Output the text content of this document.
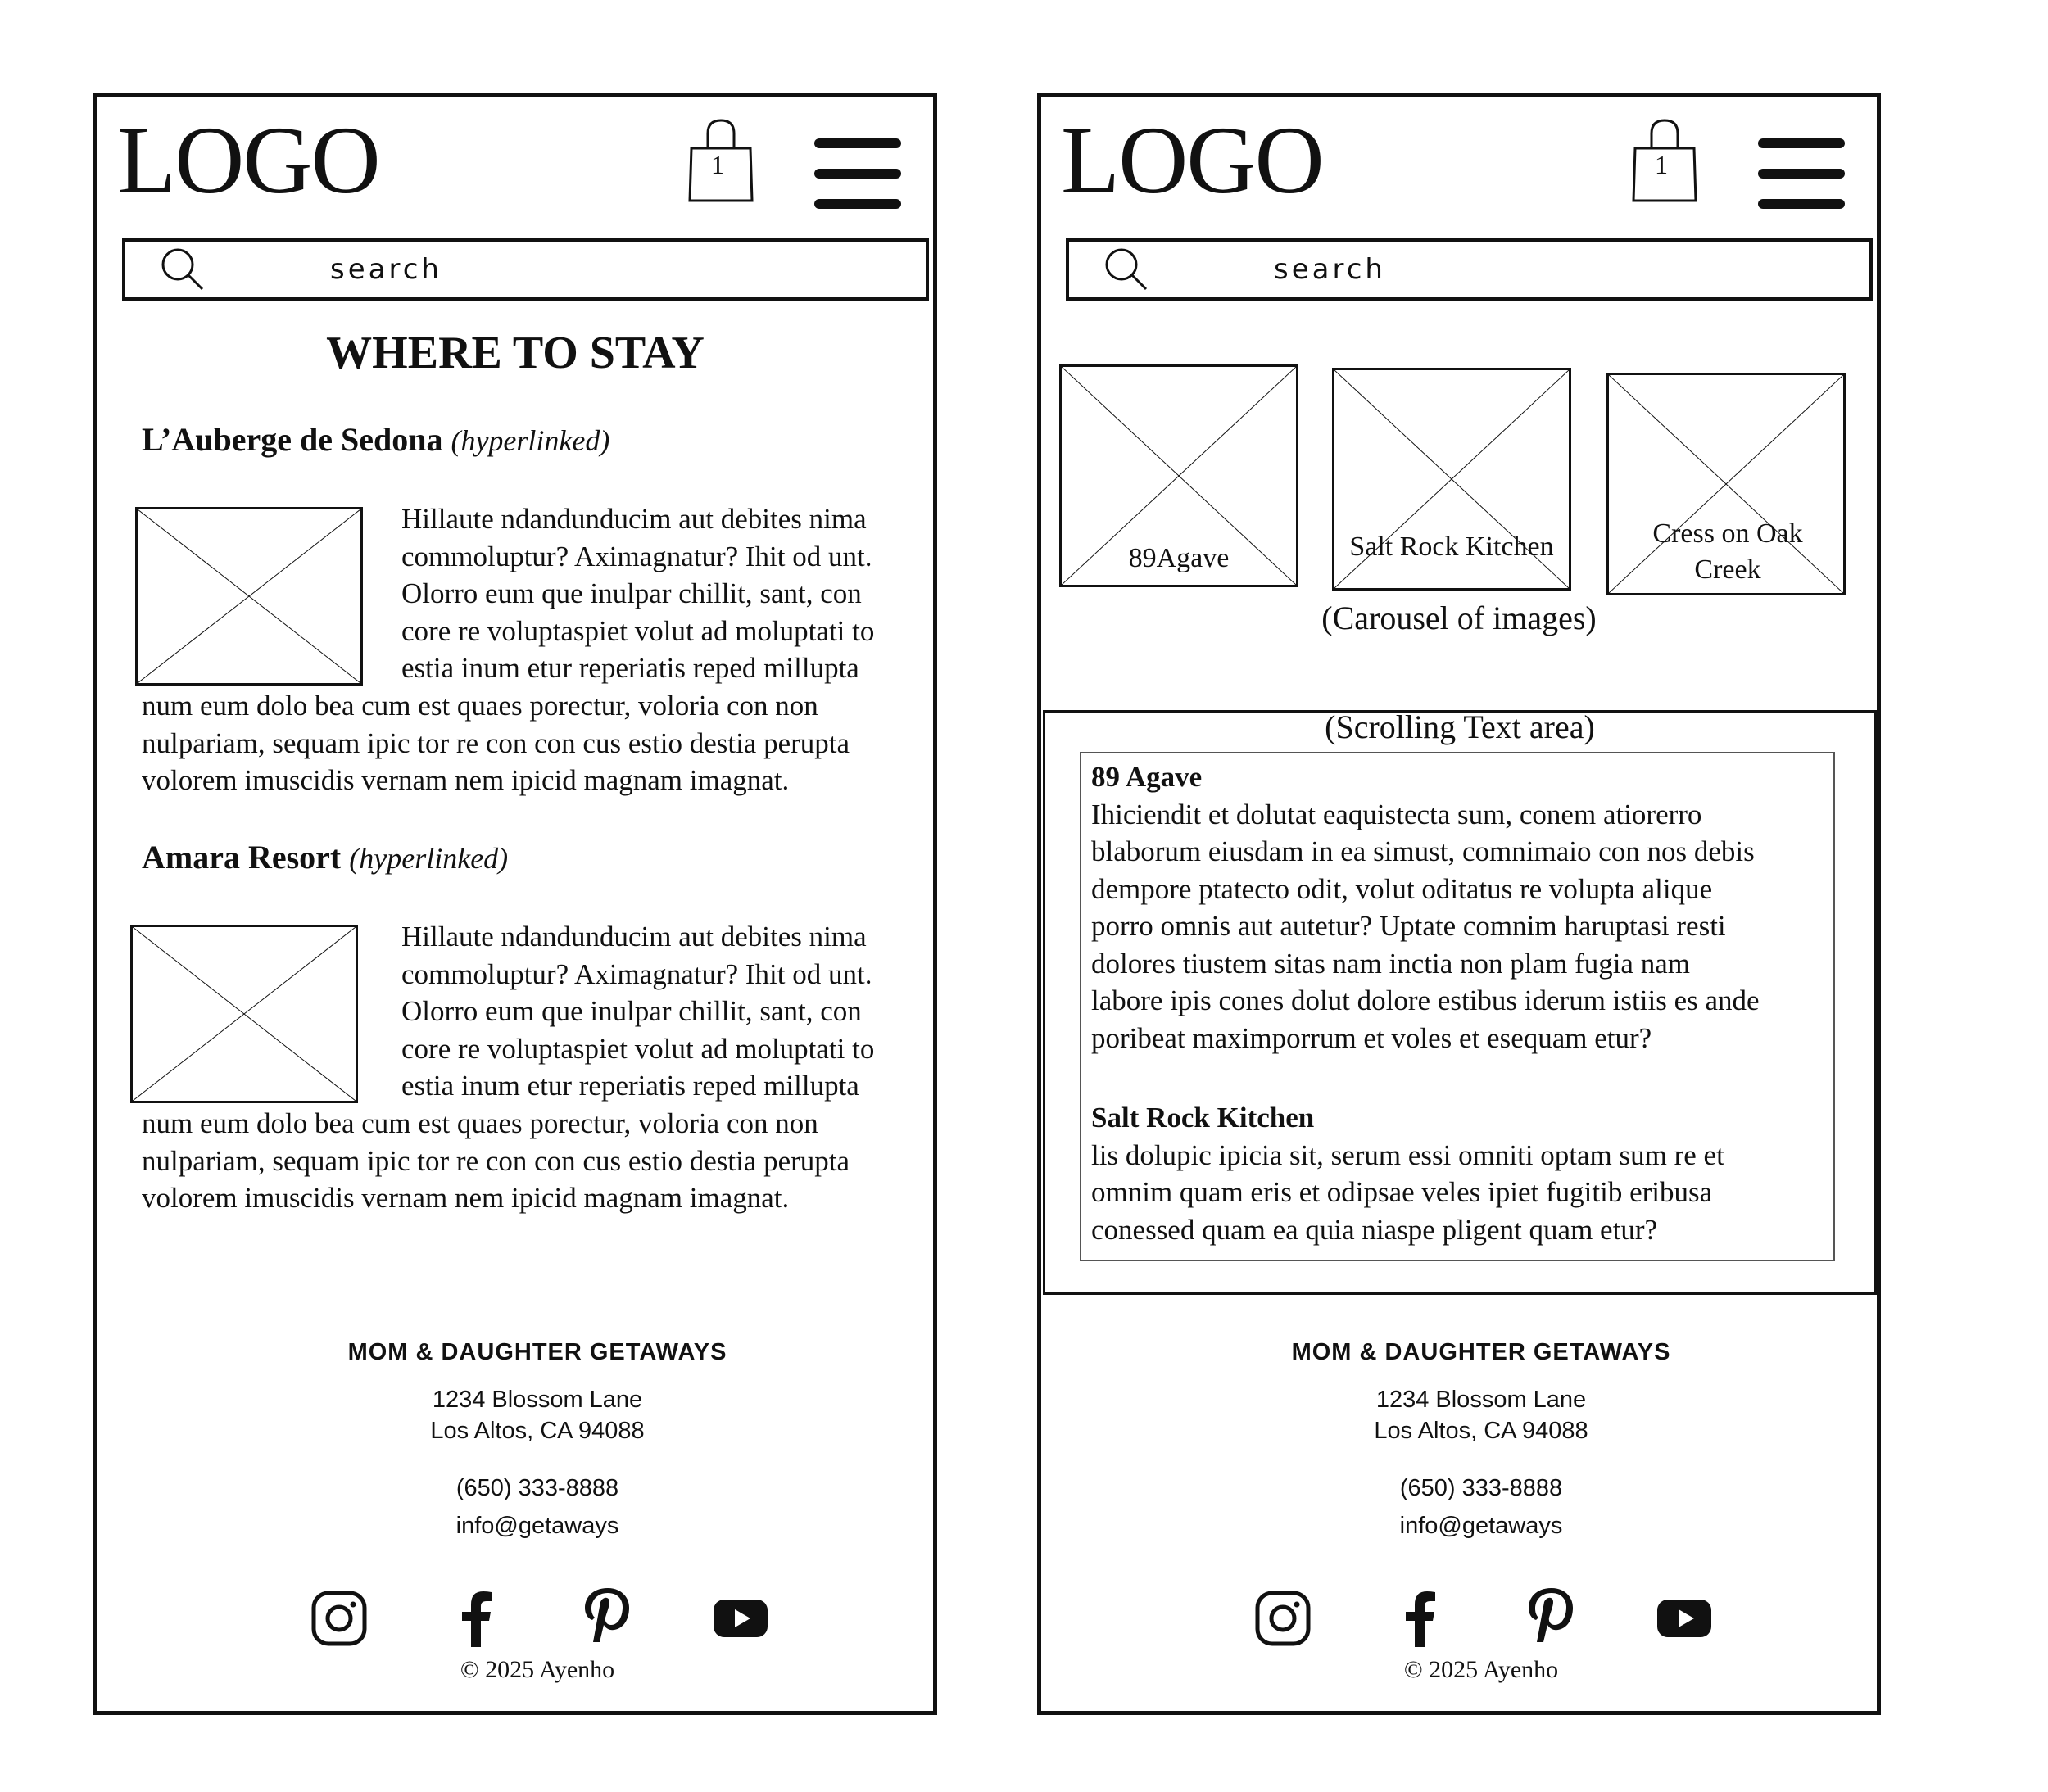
LOGO	1
search
WHERE TO STAY
L’Auberge de Sedona (hyperlinked)
Hillaute ndandunducim aut debites nima
commoluptur? Aximagnatur? Ihit od unt.
Olorro eum que inulpar chillit, sant, con
core re voluptaspiet volut ad moluptati to
estia inum etur reperiatis reped millupta
num eum dolo bea cum est quaes porectur, voloria con non
nulpariam, sequam ipic tor re con con cus estio destia perupta
volorem imuscidis vernam nem ipicid magnam imagnat.
Amara Resort (hyperlinked)
Hillaute ndandunducim aut debites nima
commoluptur? Aximagnatur? Ihit od unt.
Olorro eum que inulpar chillit, sant, con
core re voluptaspiet volut ad moluptati to
estia inum etur reperiatis reped millupta
num eum dolo bea cum est quaes porectur, voloria con non
nulpariam, sequam ipic tor re con con cus estio destia perupta
volorem imuscidis vernam nem ipicid magnam imagnat.
MOM & DAUGHTER GETAWAYS
1234 Blossom Lane
Los Altos, CA 94088
(650) 333-8888
info@getaways
© 2025 Ayenho
LOGO	1
search
89Agave	Salt Rock Kitchen	Cress on Oak Creek
(Carousel of images)
(Scrolling Text area)
89 Agave
Ihiciendit et dolutat eaquistecta sum, conem atiorerro
blaborum eiusdam in ea simust, comnimaio con nos debis
dempore ptatecto odit, volut oditatus re volupta alique
porro omnis aut autetur? Uptate comnim haruptasi resti
dolores tiustem sitas nam inctia non plam fugia nam
labore ipis cones dolut dolore estibus iderum istiis es ande
poribeat maximporrum et voles et esequam etur?
Salt Rock Kitchen
lis dolupic ipicia sit, serum essi omniti optam sum re et
omnim quam eris et odipsae veles ipiet fugitib eribusa
conessed quam ea quia niaspe pligent quam etur?
MOM & DAUGHTER GETAWAYS
1234 Blossom Lane
Los Altos, CA 94088
(650) 333-8888
info@getaways
© 2025 Ayenho
